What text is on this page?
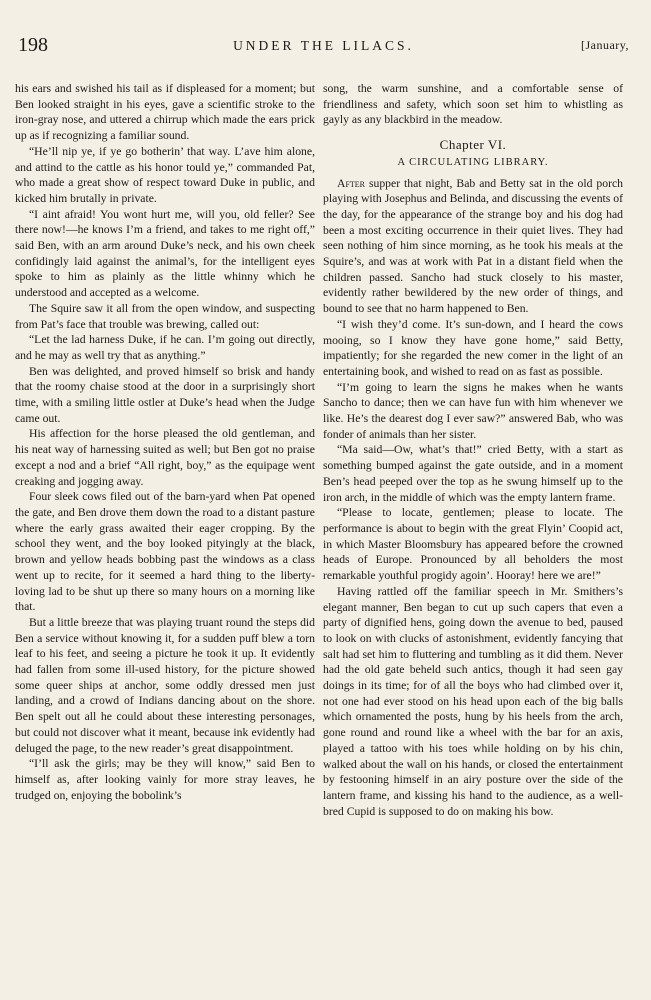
198	UNDER THE LILACS.	[January,

his ears and swished his tail as if displeased for a moment; but Ben looked straight in his eyes, gave a scientific stroke to the iron-gray nose, and uttered a chirrup which made the ears prick up as if recognizing a familiar sound.

“He’ll nip ye, if ye go botherin’ that way. L’ave him alone, and attind to the cattle as his honor tould ye,” commanded Pat, who made a great show of respect toward Duke in public, and kicked him brutally in private.

“I aint afraid! You wont hurt me, will you, old feller? See there now!—he knows I’m a friend, and takes to me right off,” said Ben, with an arm around Duke’s neck, and his own cheek confidingly laid against the animal’s, for the intelligent eyes spoke to him as plainly as the little whinny which he understood and accepted as a welcome.

The Squire saw it all from the open window, and suspecting from Pat’s face that trouble was brewing, called out:

“Let the lad harness Duke, if he can. I’m going out directly, and he may as well try that as anything.”

Ben was delighted, and proved himself so brisk and handy that the roomy chaise stood at the door in a surprisingly short time, with a smiling little ostler at Duke’s head when the Judge came out.

His affection for the horse pleased the old gentleman, and his neat way of harnessing suited as well; but Ben got no praise except a nod and a brief “All right, boy,” as the equipage went creaking and jogging away.

Four sleek cows filed out of the barn-yard when Pat opened the gate, and Ben drove them down the road to a distant pasture where the early grass awaited their eager cropping. By the school they went, and the boy looked pityingly at the black, brown and yellow heads bobbing past the windows as a class went up to recite, for it seemed a hard thing to the liberty-loving lad to be shut up there so many hours on a morning like that.

But a little breeze that was playing truant round the steps did Ben a service without knowing it, for a sudden puff blew a torn leaf to his feet, and seeing a picture he took it up. It evidently had fallen from some ill-used history, for the picture showed some queer ships at anchor, some oddly dressed men just landing, and a crowd of Indians dancing about on the shore. Ben spelt out all he could about these interesting personages, but could not discover what it meant, because ink evidently had deluged the page, to the new reader’s great disappointment.

“I’ll ask the girls; may be they will know,” said Ben to himself as, after looking vainly for more stray leaves, he trudged on, enjoying the bobolink’s

song, the warm sunshine, and a comfortable sense of friendliness and safety, which soon set him to whistling as gayly as any blackbird in the meadow.

Chapter VI.
A CIRCULATING LIBRARY.

After supper that night, Bab and Betty sat in the old porch playing with Josephus and Belinda, and discussing the events of the day, for the appearance of the strange boy and his dog had been a most exciting occurrence in their quiet lives. They had seen nothing of him since morning, as he took his meals at the Squire’s, and was at work with Pat in a distant field when the children passed. Sancho had stuck closely to his master, evidently rather bewildered by the new order of things, and bound to see that no harm happened to Ben.

“I wish they’d come. It’s sun-down, and I heard the cows mooing, so I know they have gone home,” said Betty, impatiently; for she regarded the new comer in the light of an entertaining book, and wished to read on as fast as possible.

“I’m going to learn the signs he makes when he wants Sancho to dance; then we can have fun with him whenever we like. He’s the dearest dog I ever saw?” answered Bab, who was fonder of animals than her sister.

“Ma said—Ow, what’s that!” cried Betty, with a start as something bumped against the gate outside, and in a moment Ben’s head peeped over the top as he swung himself up to the iron arch, in the middle of which was the empty lantern frame.

“Please to locate, gentlemen; please to locate. The performance is about to begin with the great Flyin’ Coopid act, in which Master Bloomsbury has appeared before the crowned heads of Europe. Pronounced by all beholders the most remarkable youthful progidy agoin’. Hooray! here we are!”

Having rattled off the familiar speech in Mr. Smithers’s elegant manner, Ben began to cut up such capers that even a party of dignified hens, going down the avenue to bed, paused to look on with clucks of astonishment, evidently fancying that salt had set him to fluttering and tumbling as it did them. Never had the old gate beheld such antics, though it had seen gay doings in its time; for of all the boys who had climbed over it, not one had ever stood on his head upon each of the big balls which ornamented the posts, hung by his heels from the arch, gone round and round like a wheel with the bar for an axis, played a tattoo with his toes while holding on by his chin, walked about the wall on his hands, or closed the entertainment by festooning himself in an airy posture over the side of the lantern frame, and kissing his hand to the audience, as a well-bred Cupid is supposed to do on making his bow.
